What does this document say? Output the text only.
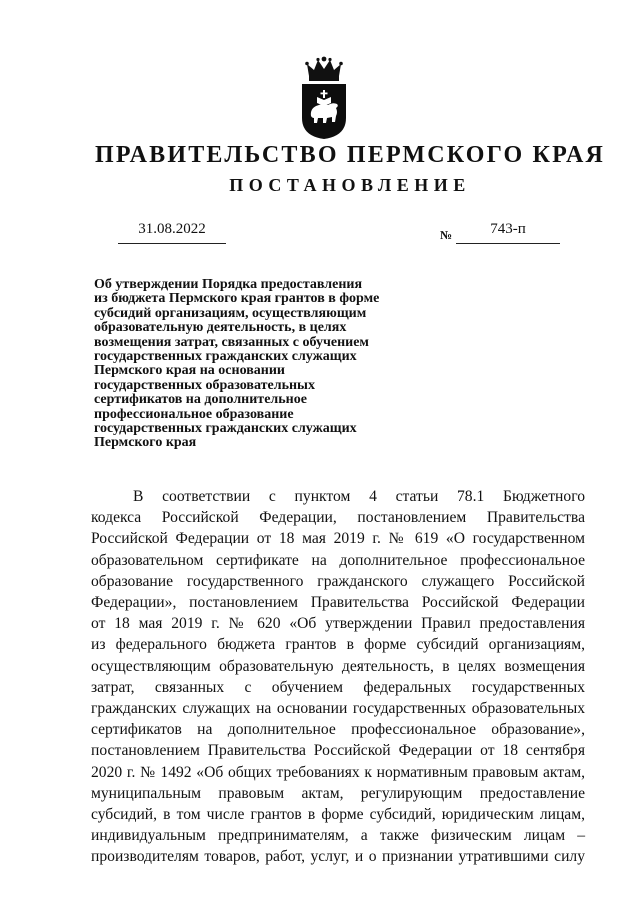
ПРАВИТЕЛЬСТВО ПЕРМСКОГО КРАЯ
ПОСТАНОВЛЕНИЕ
31.08.2022	№	743-п
Об утверждении Порядка предоставления
из бюджета Пермского края грантов в форме
субсидий организациям, осуществляющим
образовательную деятельность, в целях
возмещения затрат, связанных с обучением
государственных гражданских служащих
Пермского края на основании
государственных образовательных
сертификатов на дополнительное
профессиональное образование
государственных гражданских служащих
Пермского края
В соответствии с пунктом 4 статьи 78.1 Бюджетного
кодекса Российской Федерации, постановлением Правительства
Российской Федерации от 18 мая 2019 г. № 619 «О государственном
образовательном сертификате на дополнительное профессиональное
образование государственного гражданского служащего Российской
Федерации», постановлением Правительства Российской Федерации
от 18 мая 2019 г. № 620 «Об утверждении Правил предоставления
из федерального бюджета грантов в форме субсидий организациям,
осуществляющим образовательную деятельность, в целях возмещения
затрат, связанных с обучением федеральных государственных
гражданских служащих на основании государственных образовательных
сертификатов на дополнительное профессиональное образование»,
постановлением Правительства Российской Федерации от 18 сентября
2020 г. № 1492 «Об общих требованиях к нормативным правовым актам,
муниципальным правовым актам, регулирующим предоставление
субсидий, в том числе грантов в форме субсидий, юридическим лицам,
индивидуальным предпринимателям, а также физическим лицам –
производителям товаров, работ, услуг, и о признании утратившими силу
